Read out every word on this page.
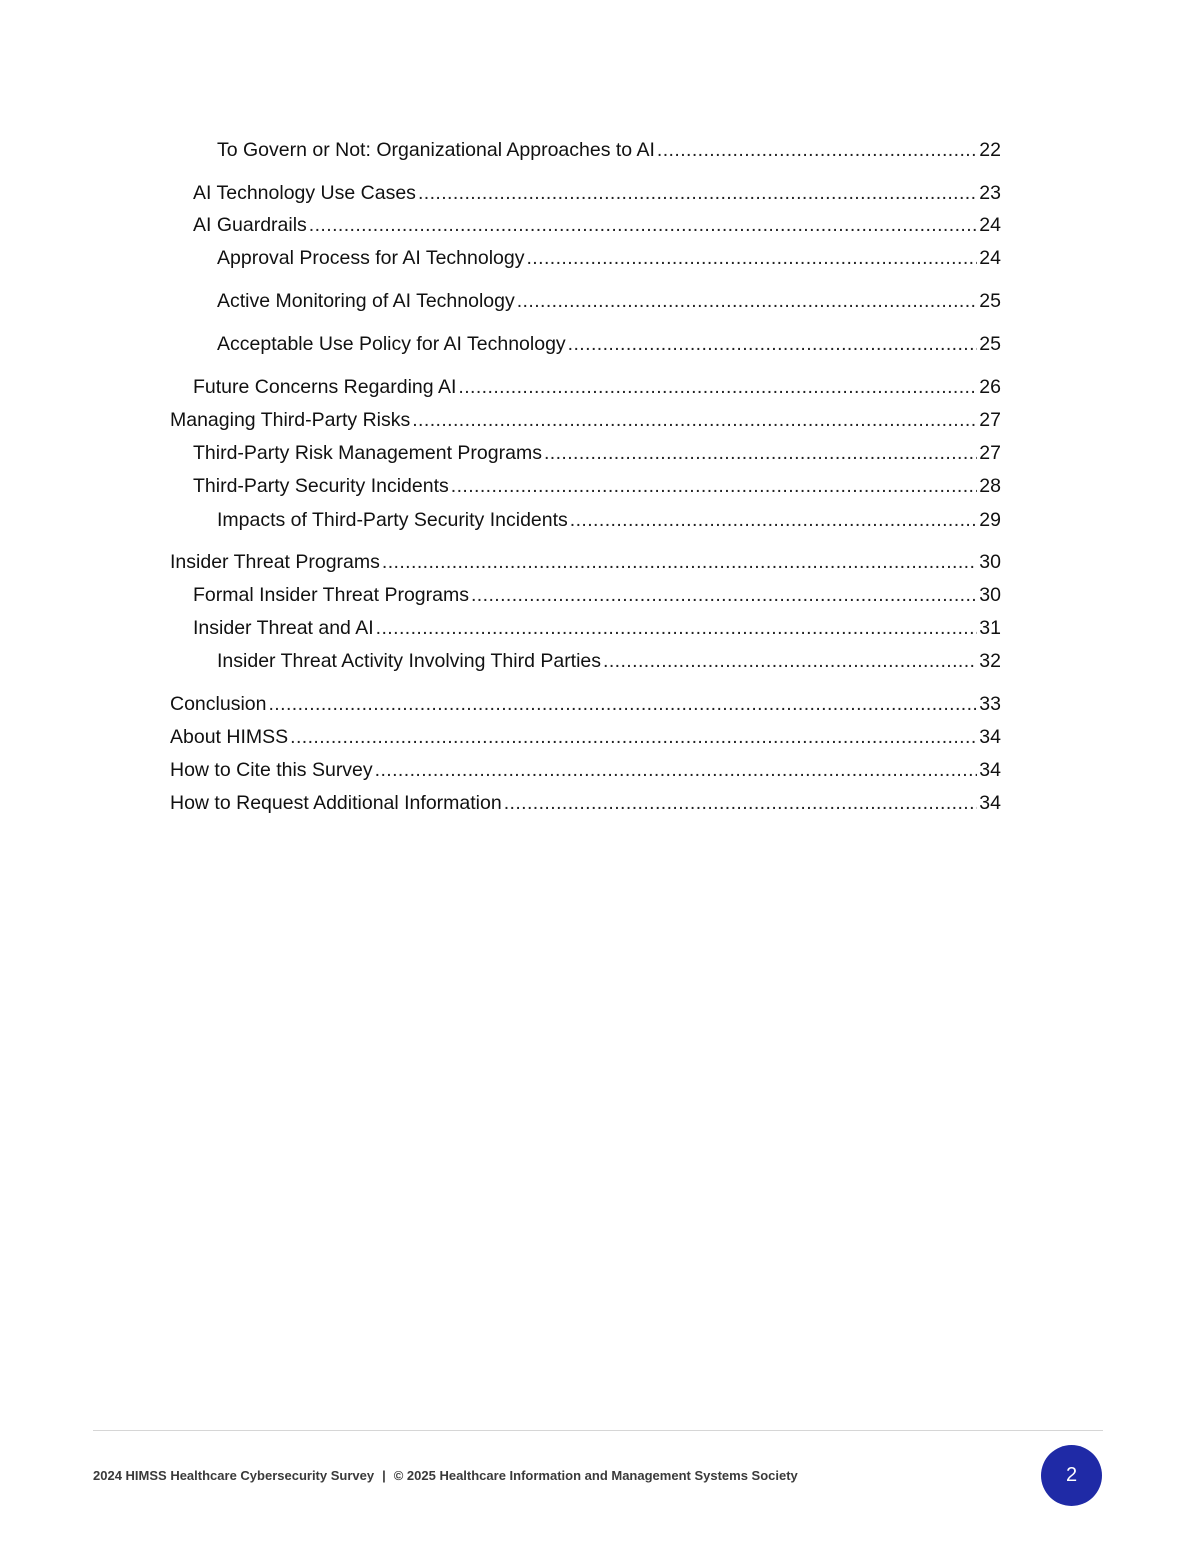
To Govern or Not: Organizational Approaches to AI .....	22
AI Technology Use Cases .....	23
AI Guardrails .....	24
Approval Process for AI Technology .....	24
Active Monitoring of AI Technology .....	25
Acceptable Use Policy for AI Technology .....	25
Future Concerns Regarding AI .....	26
Managing Third-Party Risks .....	27
Third-Party Risk Management Programs .....	27
Third-Party Security Incidents .....	28
Impacts of Third-Party Security Incidents .....	29
Insider Threat Programs .....	30
Formal Insider Threat Programs .....	30
Insider Threat and AI .....	31
Insider Threat Activity Involving Third Parties .....	32
Conclusion .....	33
About HIMSS .....	34
How to Cite this Survey .....	34
How to Request Additional Information .....	34
2024 HIMSS Healthcare Cybersecurity Survey | © 2025 Healthcare Information and Management Systems Society	2
